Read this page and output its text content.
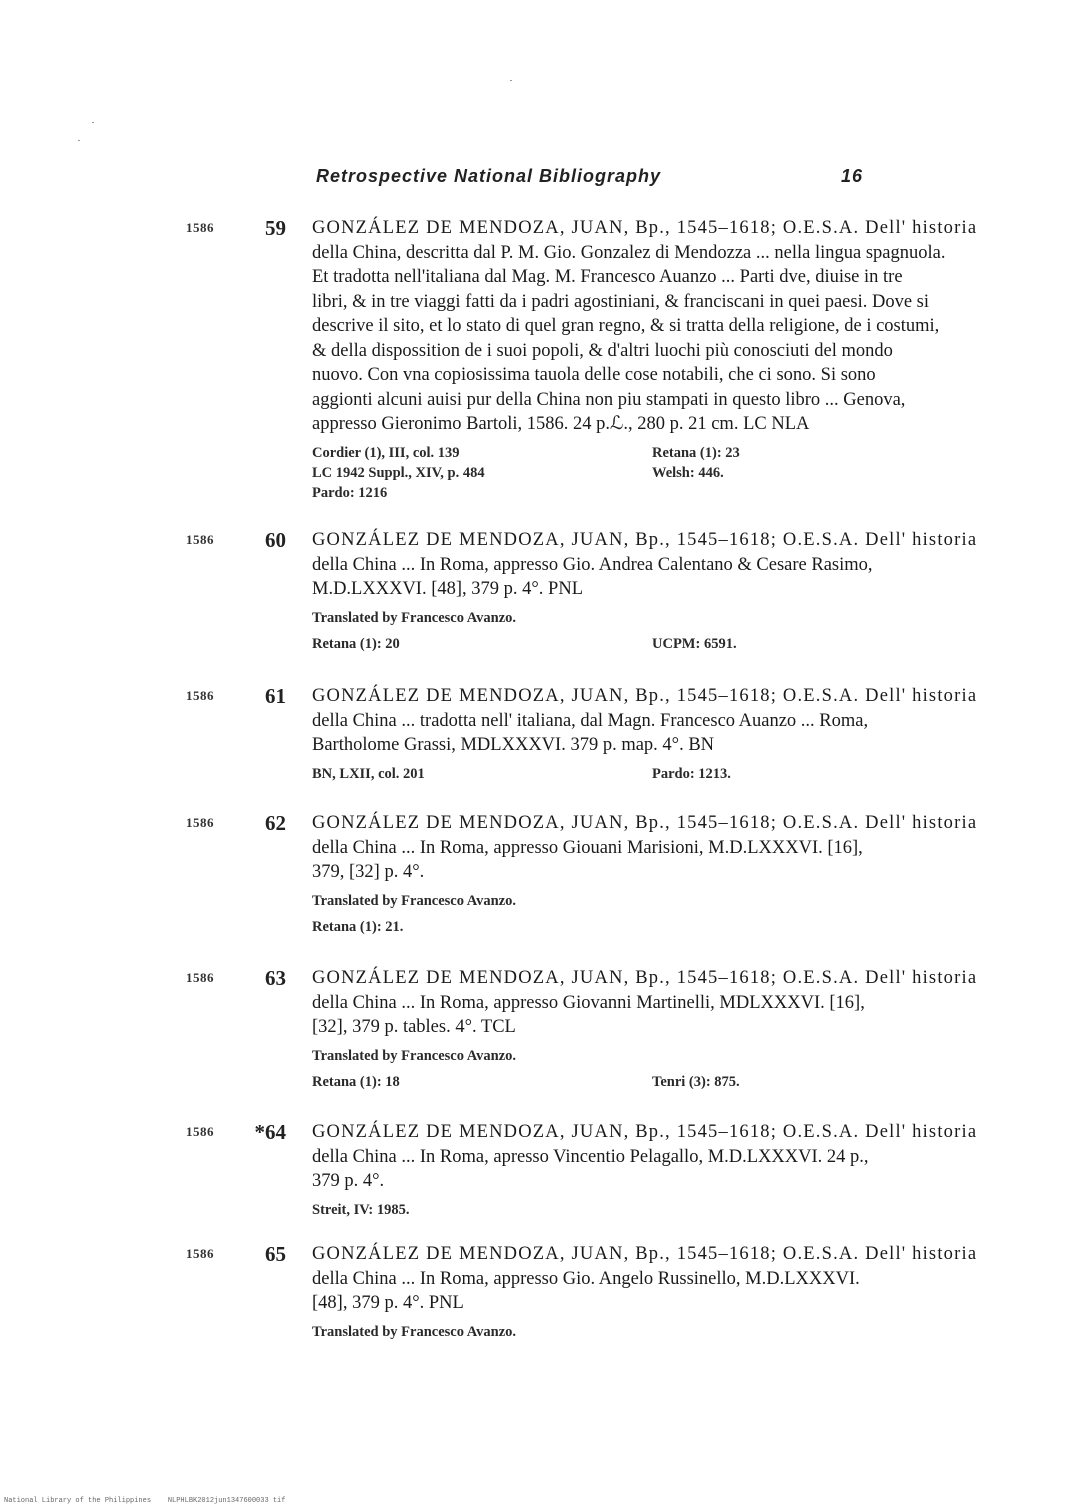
Retrospective National Bibliography	16
1586	59 GONZÁLEZ DE MENDOZA, JUAN, Bp., 1545–1618; O.E.S.A. Dell' historia
della China, descritta dal P. M. Gio. Gonzalez di Mendozza ... nella lingua spagnuola.
Et tradotta nell'italiana dal Mag. M. Francesco Auanzo ... Parti dve, diuise in tre
libri, & in tre viaggi fatti da i padri agostiniani, & franciscani in quei paesi. Dove si
descrive il sito, et lo stato di quel gran regno, & si tratta della religione, de i costumi,
& della dispossition de i suoi popoli, & d'altri luochi più conosciuti del mondo
nuovo. Con vna copiosissima tauola delle cose notabili, che ci sono. Si sono
aggionti alcuni auisi pur della China non piu stampati in questo libro ... Genova,
appresso Gieronimo Bartoli, 1586. 24 p.ℒ., 280 p. 21 cm. LC NLA
Cordier (1), III, col. 139	Retana (1): 23
LC 1942 Suppl., XIV, p. 484	Welsh: 446.
Pardo: 1216
1586	60 GONZÁLEZ DE MENDOZA, JUAN, Bp., 1545–1618; O.E.S.A. Dell' historia
della China ... In Roma, appresso Gio. Andrea Calentano & Cesare Rasimo,
M.D.LXXXVI. [48], 379 p. 4°. PNL
Translated by Francesco Avanzo.
Retana (1): 20	UCPM: 6591.
1586	61 GONZÁLEZ DE MENDOZA, JUAN, Bp., 1545–1618; O.E.S.A. Dell' historia
della China ... tradotta nell' italiana, dal Magn. Francesco Auanzo ... Roma,
Bartholome Grassi, MDLXXXVI. 379 p. map. 4°. BN
BN, LXII, col. 201	Pardo: 1213.
1586	62 GONZÁLEZ DE MENDOZA, JUAN, Bp., 1545–1618; O.E.S.A. Dell' historia
della China ... In Roma, appresso Giouani Marisioni, M.D.LXXXVI. [16],
379, [32] p. 4°.
Translated by Francesco Avanzo.
Retana (1): 21.
1586	63 GONZÁLEZ DE MENDOZA, JUAN, Bp., 1545–1618; O.E.S.A. Dell' historia
della China ... In Roma, appresso Giovanni Martinelli, MDLXXXVI. [16],
[32], 379 p. tables. 4°. TCL
Translated by Francesco Avanzo.
Retana (1): 18	Tenri (3): 875.
1586	*64 GONZÁLEZ DE MENDOZA, JUAN, Bp., 1545–1618; O.E.S.A. Dell' historia
della China ... In Roma, apresso Vincentio Pelagallo, M.D.LXXXVI. 24 p.,
379 p. 4°.
Streit, IV: 1985.
1586	65 GONZÁLEZ DE MENDOZA, JUAN, Bp., 1545–1618; O.E.S.A. Dell' historia
della China ... In Roma, appresso Gio. Angelo Russinello, M.D.LXXXVI.
[48], 379 p. 4°. PNL
Translated by Francesco Avanzo.
National Library of the Philippines    NLPHLBK2012jun1347600033 tif
